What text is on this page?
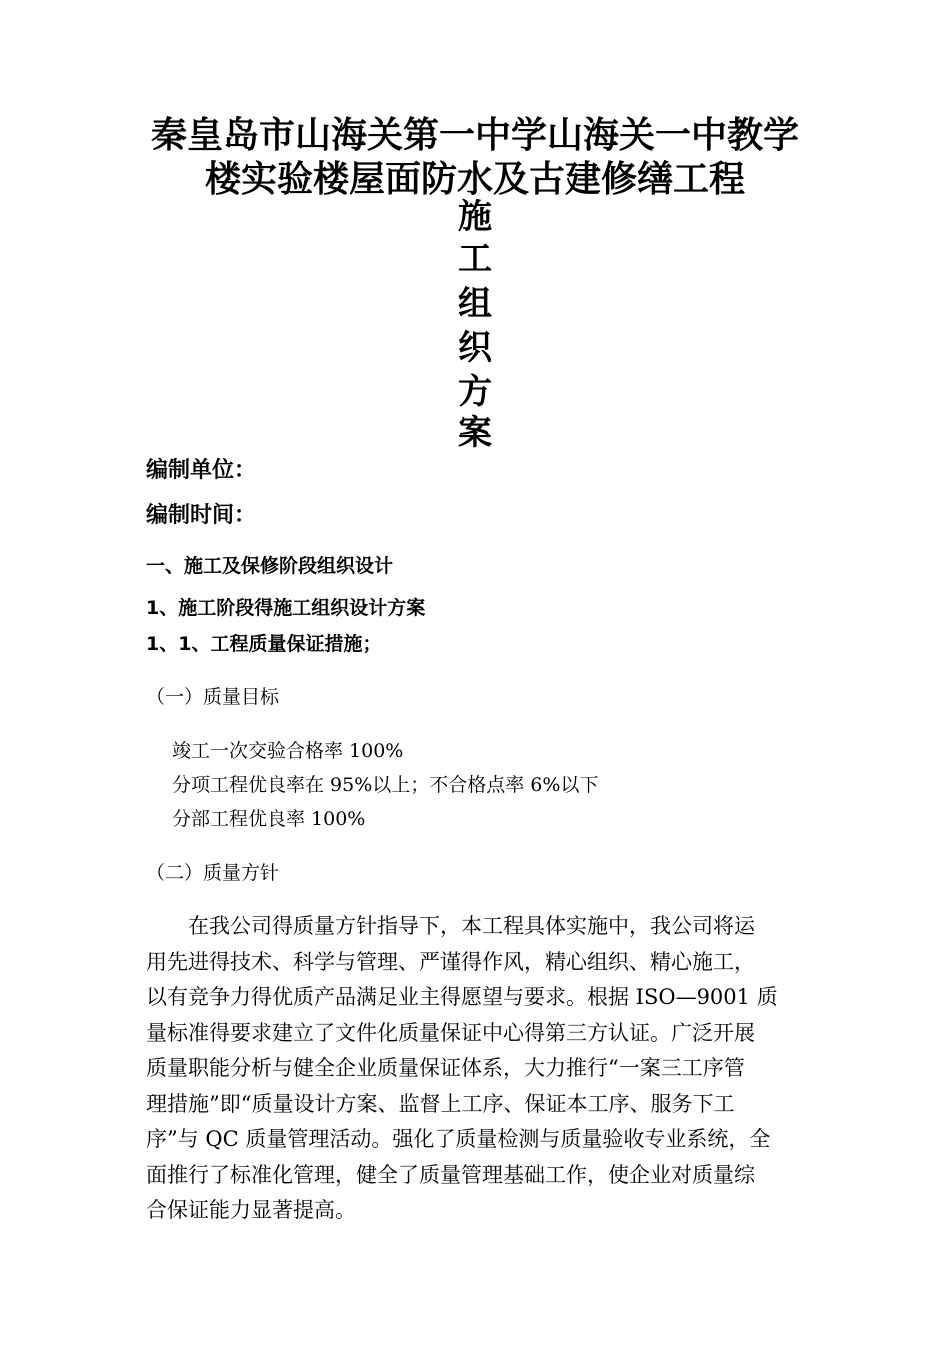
秦皇岛市山海关第一中学山海关一中教学
楼实验楼屋面防水及古建修缮工程
施
工
组
织
方
案
编制单位：
编制时间：
一、施工及保修阶段组织设计
1、施工阶段得施工组织设计方案
1、1、工程质量保证措施；
（一）质量目标
竣工一次交验合格率 100%
分项工程优良率在 95%以上；不合格点率 6%以下
分部工程优良率 100%
（二）质量方针
在我公司得质量方针指导下，本工程具体实施中，我公司将运
用先进得技术、科学与管理、严谨得作风，精心组织、精心施工，
以有竞争力得优质产品满足业主得愿望与要求。根据 ISO—9001 质
量标准得要求建立了文件化质量保证中心得第三方认证。广泛开展
质量职能分析与健全企业质量保证体系，大力推行“一案三工序管
理措施”即“质量设计方案、监督上工序、保证本工序、服务下工
序”与 QC 质量管理活动。强化了质量检测与质量验收专业系统，全
面推行了标准化管理，健全了质量管理基础工作，使企业对质量综
合保证能力显著提高。
